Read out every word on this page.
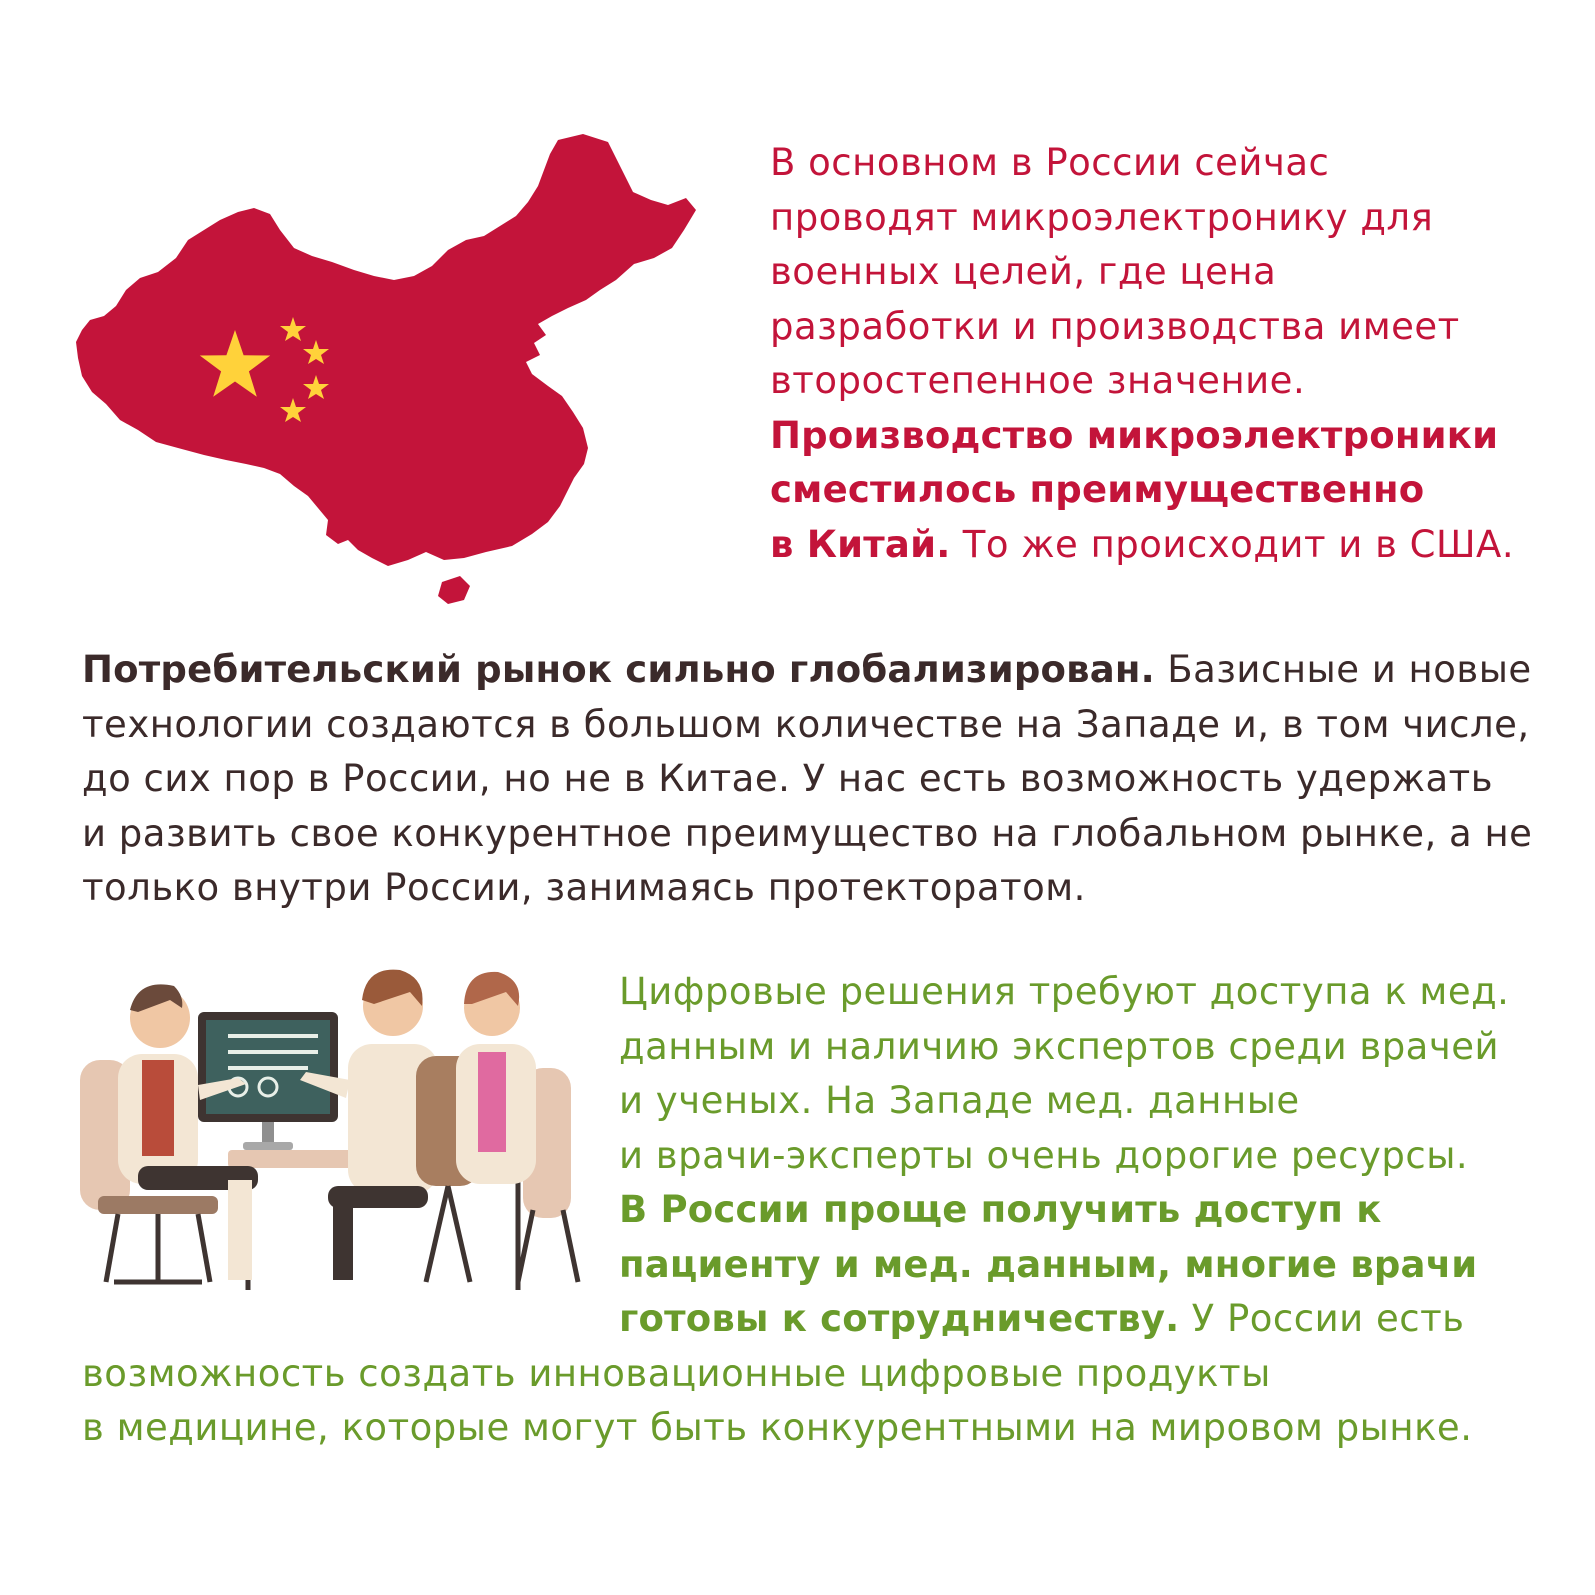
В основном в России сейчас
проводят микроэлектронику для
военных целей, где цена
разработки и производства имеет
второстепенное значение.
Производство микроэлектроники
сместилось преимущественно
в Китай. То же происходит и в США.

Потребительский рынок сильно глобализирован. Базисные и новые
технологии создаются в большом количестве на Западе и, в том числе,
до сих пор в России, но не в Китае. У нас есть возможность удержать
и развить свое конкурентное преимущество на глобальном рынке, а не
только внутри России, занимаясь протекторатом.

Цифровые решения требуют доступа к мед.
данным и наличию экспертов среди врачей
и ученых. На Западе мед. данные
и врачи-эксперты очень дорогие ресурсы.
В России проще получить доступ к
пациенту и мед. данным, многие врачи
готовы к сотрудничеству. У России есть
возможность создать инновационные цифровые продукты
в медицине, которые могут быть конкурентными на мировом рынке.
